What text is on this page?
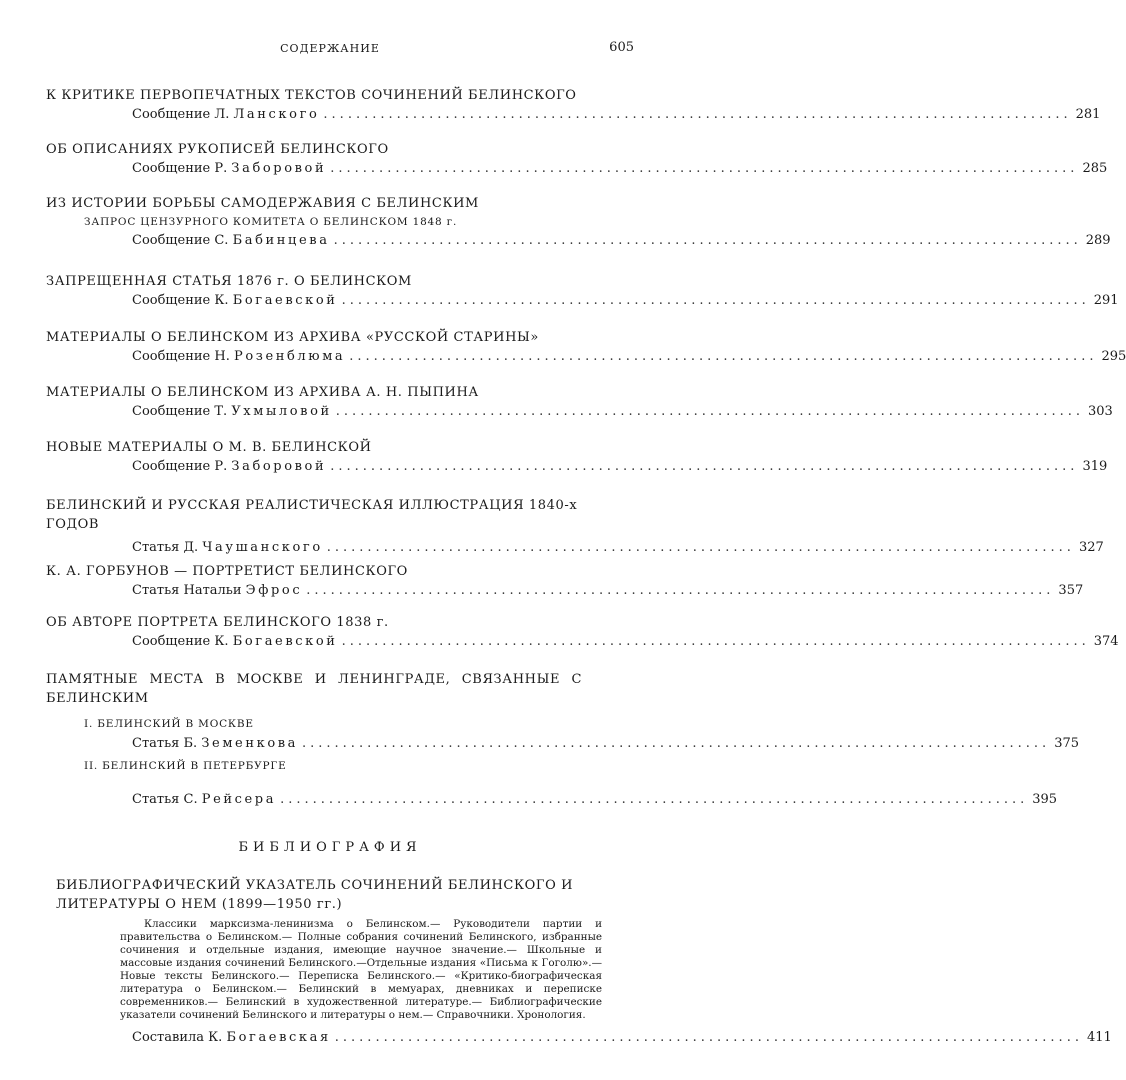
СОДЕРЖАНИЕ	605
К КРИТИКЕ ПЕРВОПЕЧАТНЫХ ТЕКСТОВ СОЧИНЕНИЙ БЕЛИНСКОГО
Сообщение Л. Ланского ............................................................................................ 281
ОБ ОПИСАНИЯХ РУКОПИСЕЙ БЕЛИНСКОГО
Сообщение Р. Заборовой ............................................................................................ 285
ИЗ ИСТОРИИ БОРЬБЫ САМОДЕРЖАВИЯ С БЕЛИНСКИМ
ЗАПРОС ЦЕНЗУРНОГО КОМИТЕТА О БЕЛИНСКОМ 1848 г.
Сообщение С. Бабинцева ............................................................................................ 289
ЗАПРЕЩЕННАЯ СТАТЬЯ 1876 г. О БЕЛИНСКОМ
Сообщение К. Богаевской ............................................................................................ 291
МАТЕРИАЛЫ О БЕЛИНСКОМ ИЗ АРХИВА «РУССКОЙ СТАРИНЫ»
Сообщение Н. Розенблюма ............................................................................................ 295
МАТЕРИАЛЫ О БЕЛИНСКОМ ИЗ АРХИВА А. Н. ПЫПИНА
Сообщение Т. Ухмыловой ............................................................................................ 303
НОВЫЕ МАТЕРИАЛЫ О М. В. БЕЛИНСКОЙ
Сообщение Р. Заборовой ............................................................................................ 319
БЕЛИНСКИЙ И РУССКАЯ РЕАЛИСТИЧЕСКАЯ ИЛЛЮСТРАЦИЯ 1840-х ГОДОВ
Статья Д. Чаушанского ............................................................................................ 327
К. А. ГОРБУНОВ — ПОРТРЕТИСТ БЕЛИНСКОГО
Статья Натальи Эфрос ............................................................................................ 357
ОБ АВТОРЕ ПОРТРЕТА БЕЛИНСКОГО 1838 г.
Сообщение К. Богаевской ............................................................................................ 374
ПАМЯТНЫЕ МЕСТА В МОСКВЕ И ЛЕНИНГРАДЕ, СВЯЗАННЫЕ С БЕЛИНСКИМ
I. БЕЛИНСКИЙ В МОСКВЕ
Статья Б. Земенкова ............................................................................................ 375
II. БЕЛИНСКИЙ В ПЕТЕРБУРГЕ
Статья С. Рейсера ............................................................................................ 395
БИБЛИОГРАФИЯ
БИБЛИОГРАФИЧЕСКИЙ УКАЗАТЕЛЬ СОЧИНЕНИЙ БЕЛИНСКОГО И ЛИТЕРАТУРЫ О НЕМ (1899—1950 гг.)
Классики марксизма-ленинизма о Белинском.— Руководители партии и правительства о Белинском.— Полные собрания сочинений Белинского, избранные сочинения и отдельные издания, имеющие научное значение.— Школьные и массовые издания сочинений Белинского.—Отдельные издания «Письма к Гоголю».— Новые тексты Белинского.— Переписка Белинского.— «Критико-биографическая литература о Белинском.— Белинский в мемуарах, дневниках и переписке современников.— Белинский в художественной литературе.— Библиографические указатели сочинений Белинского и литературы о нем.— Справочники. Хронология.
Составила К. Богаевская ............................................................................................ 411
